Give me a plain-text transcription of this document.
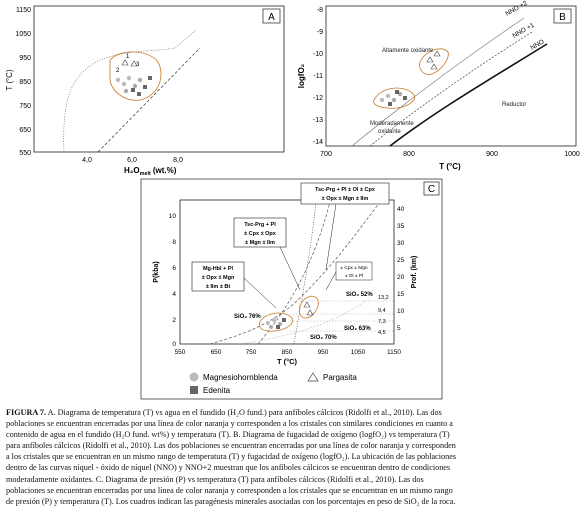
A
1150
1050
950
850
750
650
550
T (°C)
4,0	6,0	8,0
$H_2O_{melt}$ (wt.%)
1
2
3
B
-8
-9
-10
-11
-12
-13
-14
logfO₂
700	800	900	1000
T (°C)
NNO +2
NNO +1
NNO
Altamente oxidante
Moderadamente
oxidante
Reductor
C
10
8
6
4
2
0
P(kba)
40
35
30
25
20
15
10
5
Prof. (km)
550	650	750	850	950	1050	1150
T (°C)
13,2
9,4
7,3
4,5
Tsc-Prg + Pl ± Ol ± Cpx
± Opx ± Mgn ± Ilm
Tsc-Prg + Pl
± Cpx ± Opx
± Mgn ± Ilm
Mg-Hbl + Pl
± Opx ± Mgn
± Ilm ± Bt
± Cpx ± Mgn
± Ol ± Pl
SiO₂ 52%
SiO₂ 76%
SiO₂ 63%
SiO₂ 70%
Magnesiohornblenda	Pargasita
Edenita
FIGURA 7. A. Diagrama de temperatura (T) vs agua en el fundido (H₂O fund.) para anfíboles cálcicos (Ridolfi et al., 2010). Las dos
poblaciones se encuentran encerradas por una línea de color naranja y corresponden a los cristales con similares condiciones en cuanto a
contenido de agua en el fundido (H₂O fund. wt%) y temperatura (T). B. Diagrama de fugacidad de oxígeno (logfO₂) vs temperatura (T)
para anfíboles cálcicos (Ridolfi et al., 2010). Las dos poblaciones se encuentran encerradas por una línea de color naranja y corresponden
a los cristales que se encuentran en un mismo rango de temperatura (T) y fugacidad de oxígeno (logfO₂). La ubicación de las poblaciones
dentro de las curvas níquel - óxido de níquel (NNO) y NNO+2 muestran que los anfíboles cálcicos se encuentran dentro de condiciones
moderadamente oxidantes. C. Diagrama de presión (P) vs temperatura (T) para anfíboles cálcicos (Ridolfi et al., 2010). Las dos
poblaciones se encuentran encerradas por una línea de color naranja y corresponden a los cristales que se encuentran en un mismo rango
de presión (P) y temperatura (T). Los cuadros indican las paragénesis minerales asociadas con los porcentajes en peso de SiO₂ de la roca.
